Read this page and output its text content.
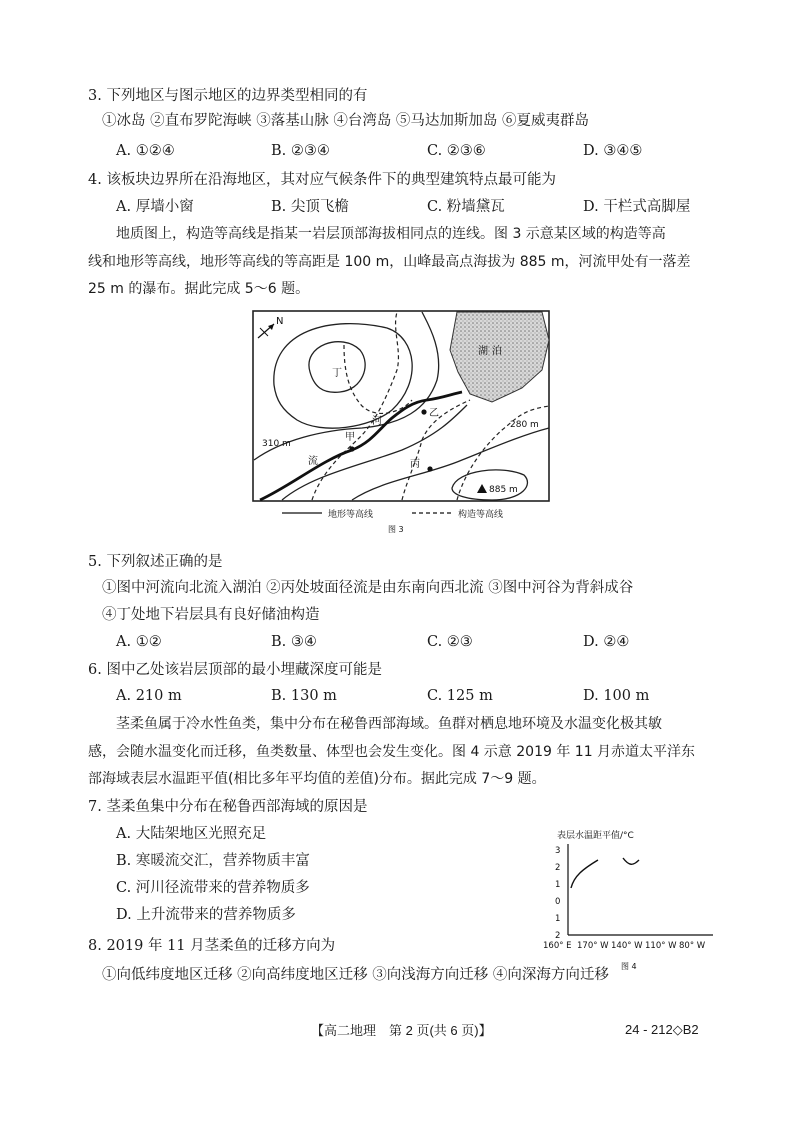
3. 下列地区与图示地区的边界类型相同的有
①冰岛 ②直布罗陀海峡 ③落基山脉 ④台湾岛 ⑤马达加斯加岛 ⑥夏威夷群岛
A. ①②④	B. ②③④	C. ②③⑥	D. ③④⑤
4. 该板块边界所在沿海地区，其对应气候条件下的典型建筑特点最可能为
A. 厚墙小窗	B. 尖顶飞檐	C. 粉墙黛瓦	D. 干栏式高脚屋
地质图上，构造等高线是指某一岩层顶部海拔相同点的连线。图 3 示意某区域的构造等高
线和地形等高线，地形等高线的等高距是 100 m，山峰最高点海拔为 885 m，河流甲处有一落差
25 m 的瀑布。据此完成 5～6 题。
N
湖 泊
丁
乙
甲
河
流	丙
310 m
280 m
885 m
地形等高线	构造等高线
图 3
5. 下列叙述正确的是
①图中河流向北流入湖泊 ②丙处坡面径流是由东南向西北流 ③图中河谷为背斜成谷
④丁处地下岩层具有良好储油构造
A. ①②	B. ③④	C. ②③	D. ②④
6. 图中乙处该岩层顶部的最小埋藏深度可能是
A. 210 m	B. 130 m	C. 125 m	D. 100 m
茎柔鱼属于冷水性鱼类，集中分布在秘鲁西部海域。鱼群对栖息地环境及水温变化极其敏
感，会随水温变化而迁移，鱼类数量、体型也会发生变化。图 4 示意 2019 年 11 月赤道太平洋东
部海域表层水温距平值(相比多年平均值的差值)分布。据此完成 7～9 题。
7. 茎柔鱼集中分布在秘鲁西部海域的原因是
A. 大陆架地区光照充足
B. 寒暖流交汇，营养物质丰富
C. 河川径流带来的营养物质多
D. 上升流带来的营养物质多
表层水温距平值/°C
3
2
1
0
1
2
160° E 170° W 140° W 110° W 80° W
图 4
8. 2019 年 11 月茎柔鱼的迁移方向为
①向低纬度地区迁移 ②向高纬度地区迁移 ③向浅海方向迁移 ④向深海方向迁移
【高二地理　第 2 页(共 6 页)】	24 - 212◇B2
